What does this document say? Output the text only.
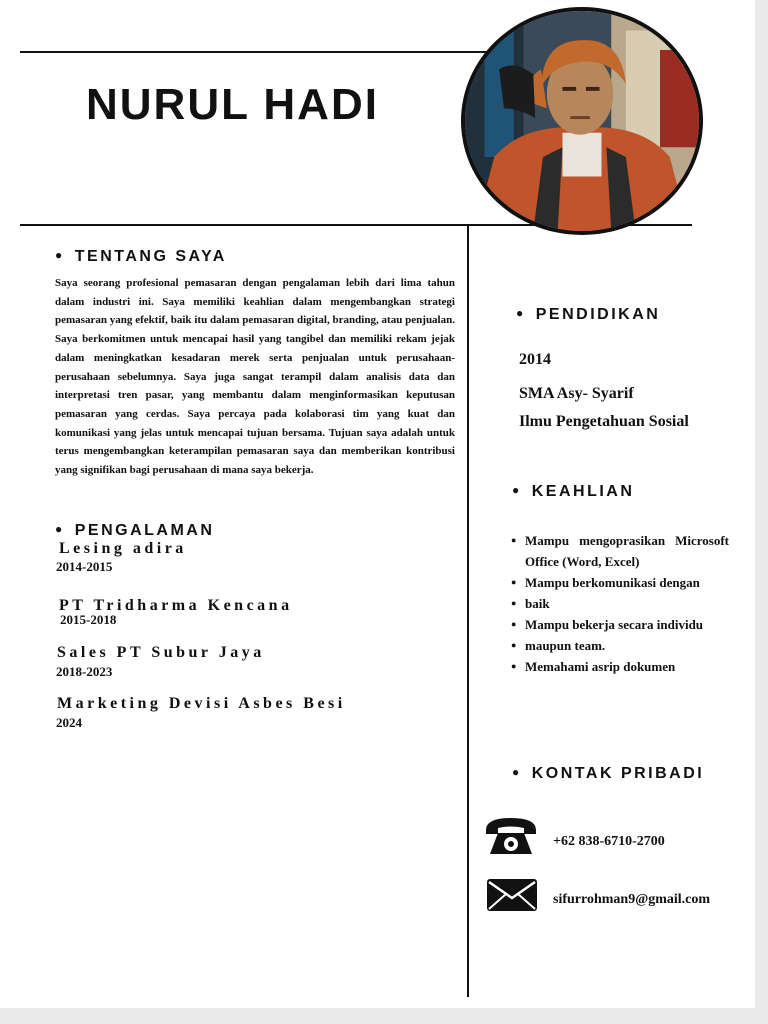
NURUL HADI
● TENTANG SAYA
Saya seorang profesional pemasaran dengan pengalaman lebih dari lima tahun dalam industri ini. Saya memiliki keahlian dalam mengembangkan strategi pemasaran yang efektif, baik itu dalam pemasaran digital, branding, atau penjualan. Saya berkomitmen untuk mencapai hasil yang tangibel dan memiliki rekam jejak dalam meningkatkan kesadaran merek serta penjualan untuk perusahaan-perusahaan sebelumnya. Saya juga sangat terampil dalam analisis data dan interpretasi tren pasar, yang membantu dalam menginformasikan keputusan pemasaran yang cerdas. Saya percaya pada kolaborasi tim yang kuat dan komunikasi yang jelas untuk mencapai tujuan bersama. Tujuan saya adalah untuk terus mengembangkan keterampilan pemasaran saya dan memberikan kontribusi yang signifikan bagi perusahaan di mana saya bekerja.
● PENGALAMAN
Lesing adira
2014-2015
PT Tridharma Kencana
2015-2018
Sales PT Subur Jaya
2018-2023
Marketing Devisi Asbes Besi
2024
● PENDIDIKAN
2014
SMA Asy- Syarif
Ilmu Pengetahuan Sosial
● KEAHLIAN
● Mampu mengoprasikan Microsoft Office (Word, Excel)
● Mampu berkomunikasi dengan
● baik
● Mampu bekerja secara individu
● maupun team.
● Memahami asrip dokumen
● KONTAK PRIBADI
+62 838-6710-2700
sifurrohman9@gmail.com
